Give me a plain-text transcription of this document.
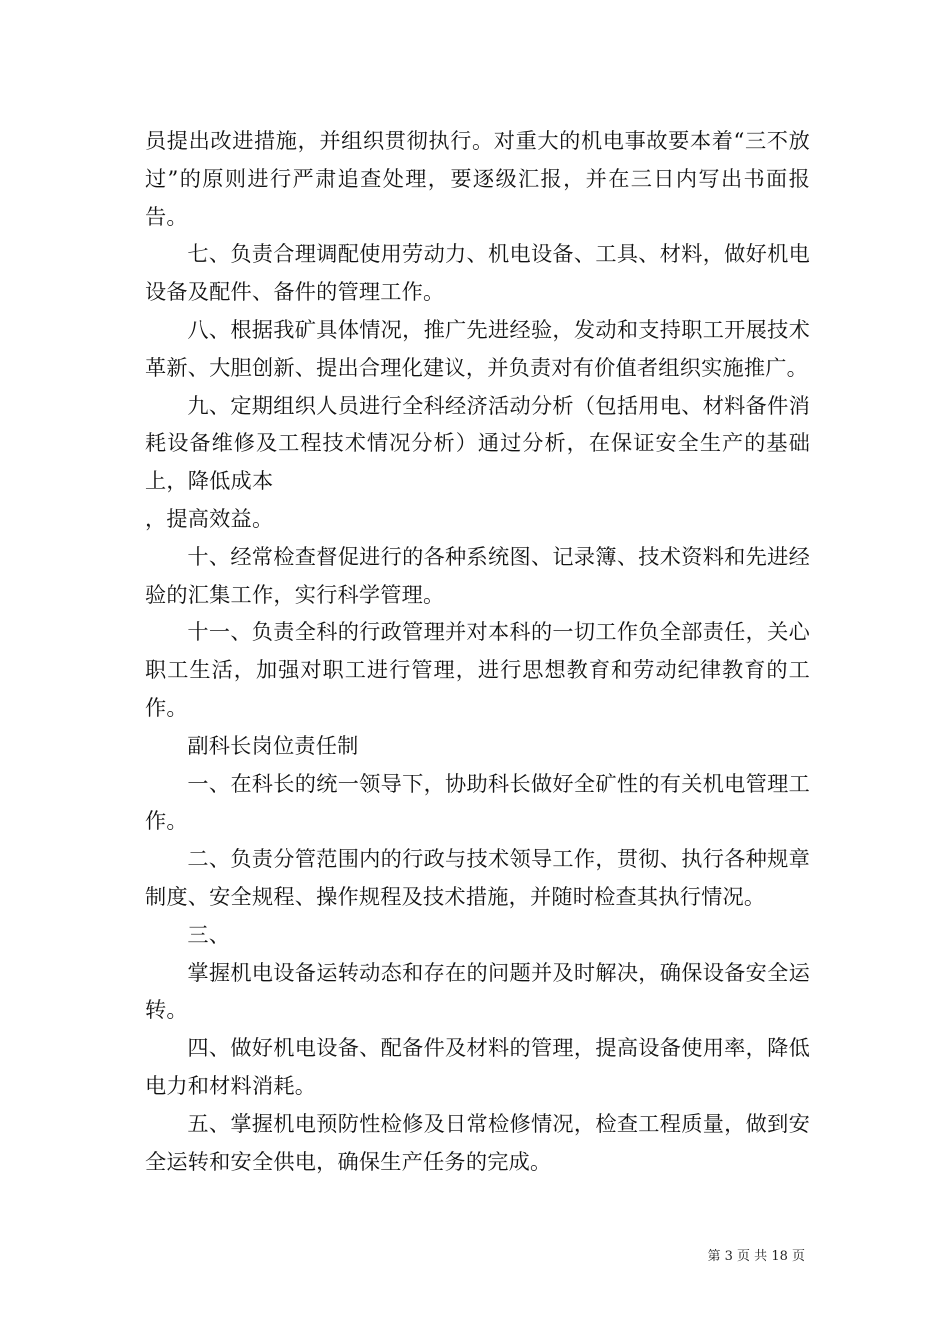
员提出改进措施，并组织贯彻执行。对重大的机电事故要本着“三不放过”的原则进行严肃追查处理，要逐级汇报，并在三日内写出书面报告。

七、负责合理调配使用劳动力、机电设备、工具、材料，做好机电设备及配件、备件的管理工作。

八、根据我矿具体情况，推广先进经验，发动和支持职工开展技术革新、大胆创新、提出合理化建议，并负责对有价值者组织实施推广。

九、定期组织人员进行全科经济活动分析（包括用电、材料备件消耗设备维修及工程技术情况分析）通过分析，在保证安全生产的基础上，降低成本

，提高效益。

十、经常检查督促进行的各种系统图、记录簿、技术资料和先进经验的汇集工作，实行科学管理。

十一、负责全科的行政管理并对本科的一切工作负全部责任，关心职工生活，加强对职工进行管理，进行思想教育和劳动纪律教育的工作。

副科长岗位责任制

一、在科长的统一领导下，协助科长做好全矿性的有关机电管理工作。

二、负责分管范围内的行政与技术领导工作，贯彻、执行各种规章制度、安全规程、操作规程及技术措施，并随时检查其执行情况。

三、

掌握机电设备运转动态和存在的问题并及时解决，确保设备安全运转。

四、做好机电设备、配备件及材料的管理，提高设备使用率，降低电力和材料消耗。

五、掌握机电预防性检修及日常检修情况，检查工程质量，做到安全运转和安全供电，确保生产任务的完成。

第 3 页 共 18 页
